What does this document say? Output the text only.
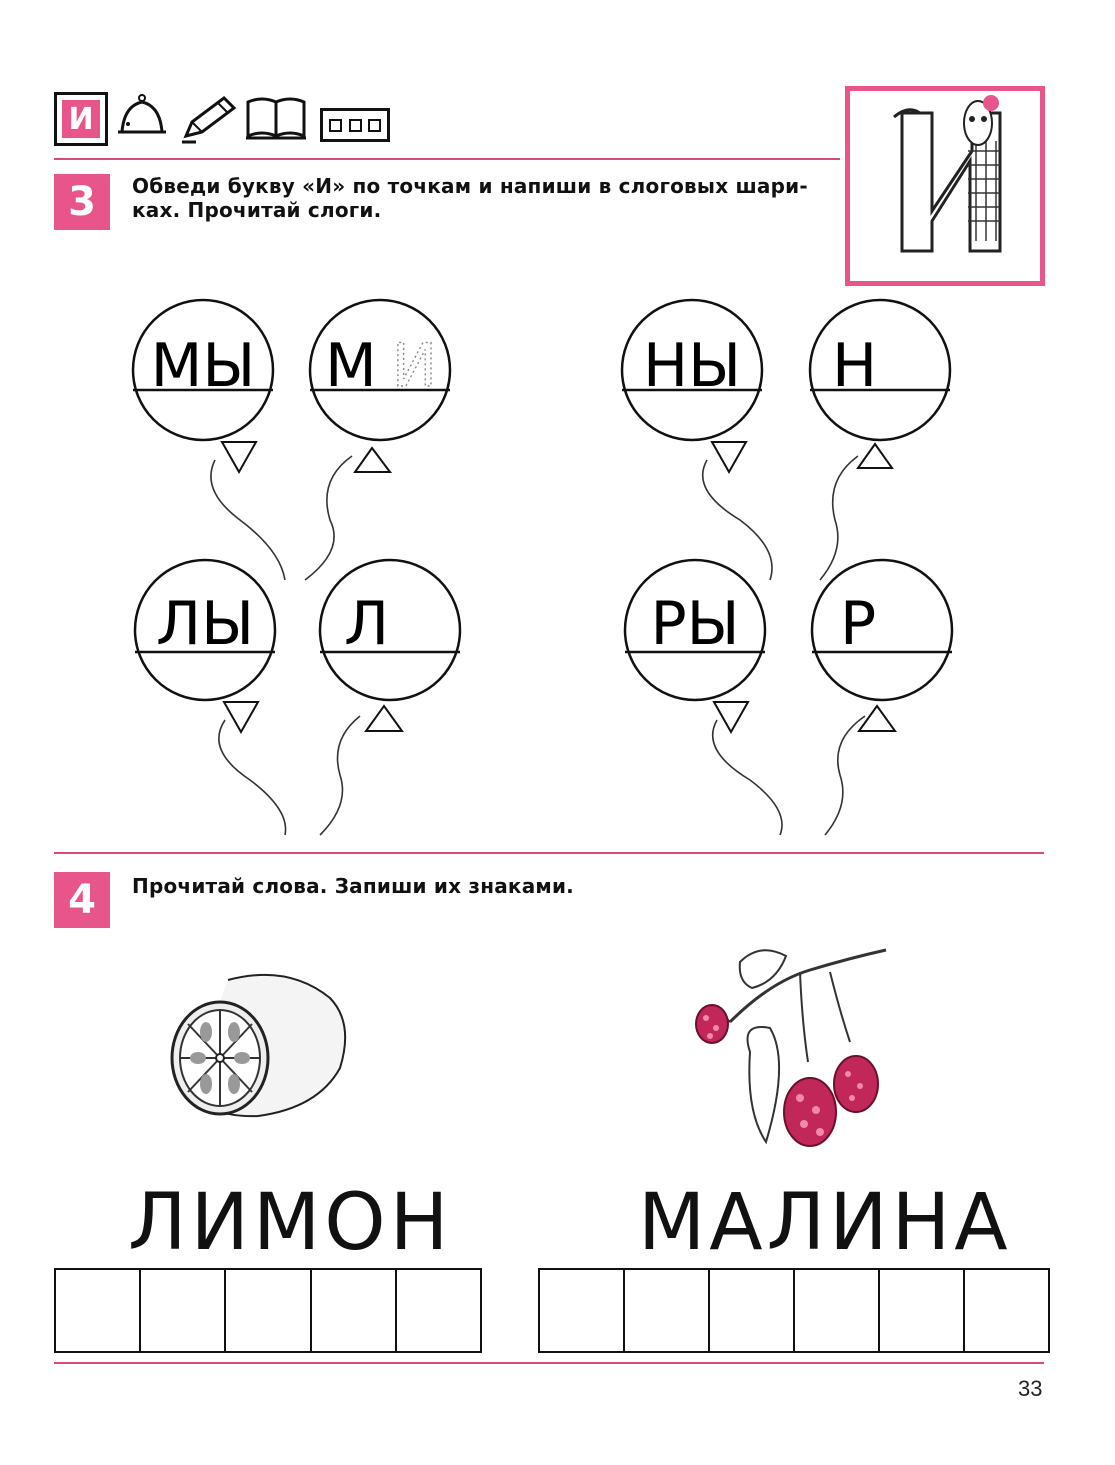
И
3	Обведи букву «И» по точкам и напиши в слоговых шари-
ках. Прочитай слоги.
МЫ М И	НЫ Н
ЛЫ Л	РЫ Р
4	Прочитай слова. Запиши их знаками.
ЛИМОН МАЛИНА
33
